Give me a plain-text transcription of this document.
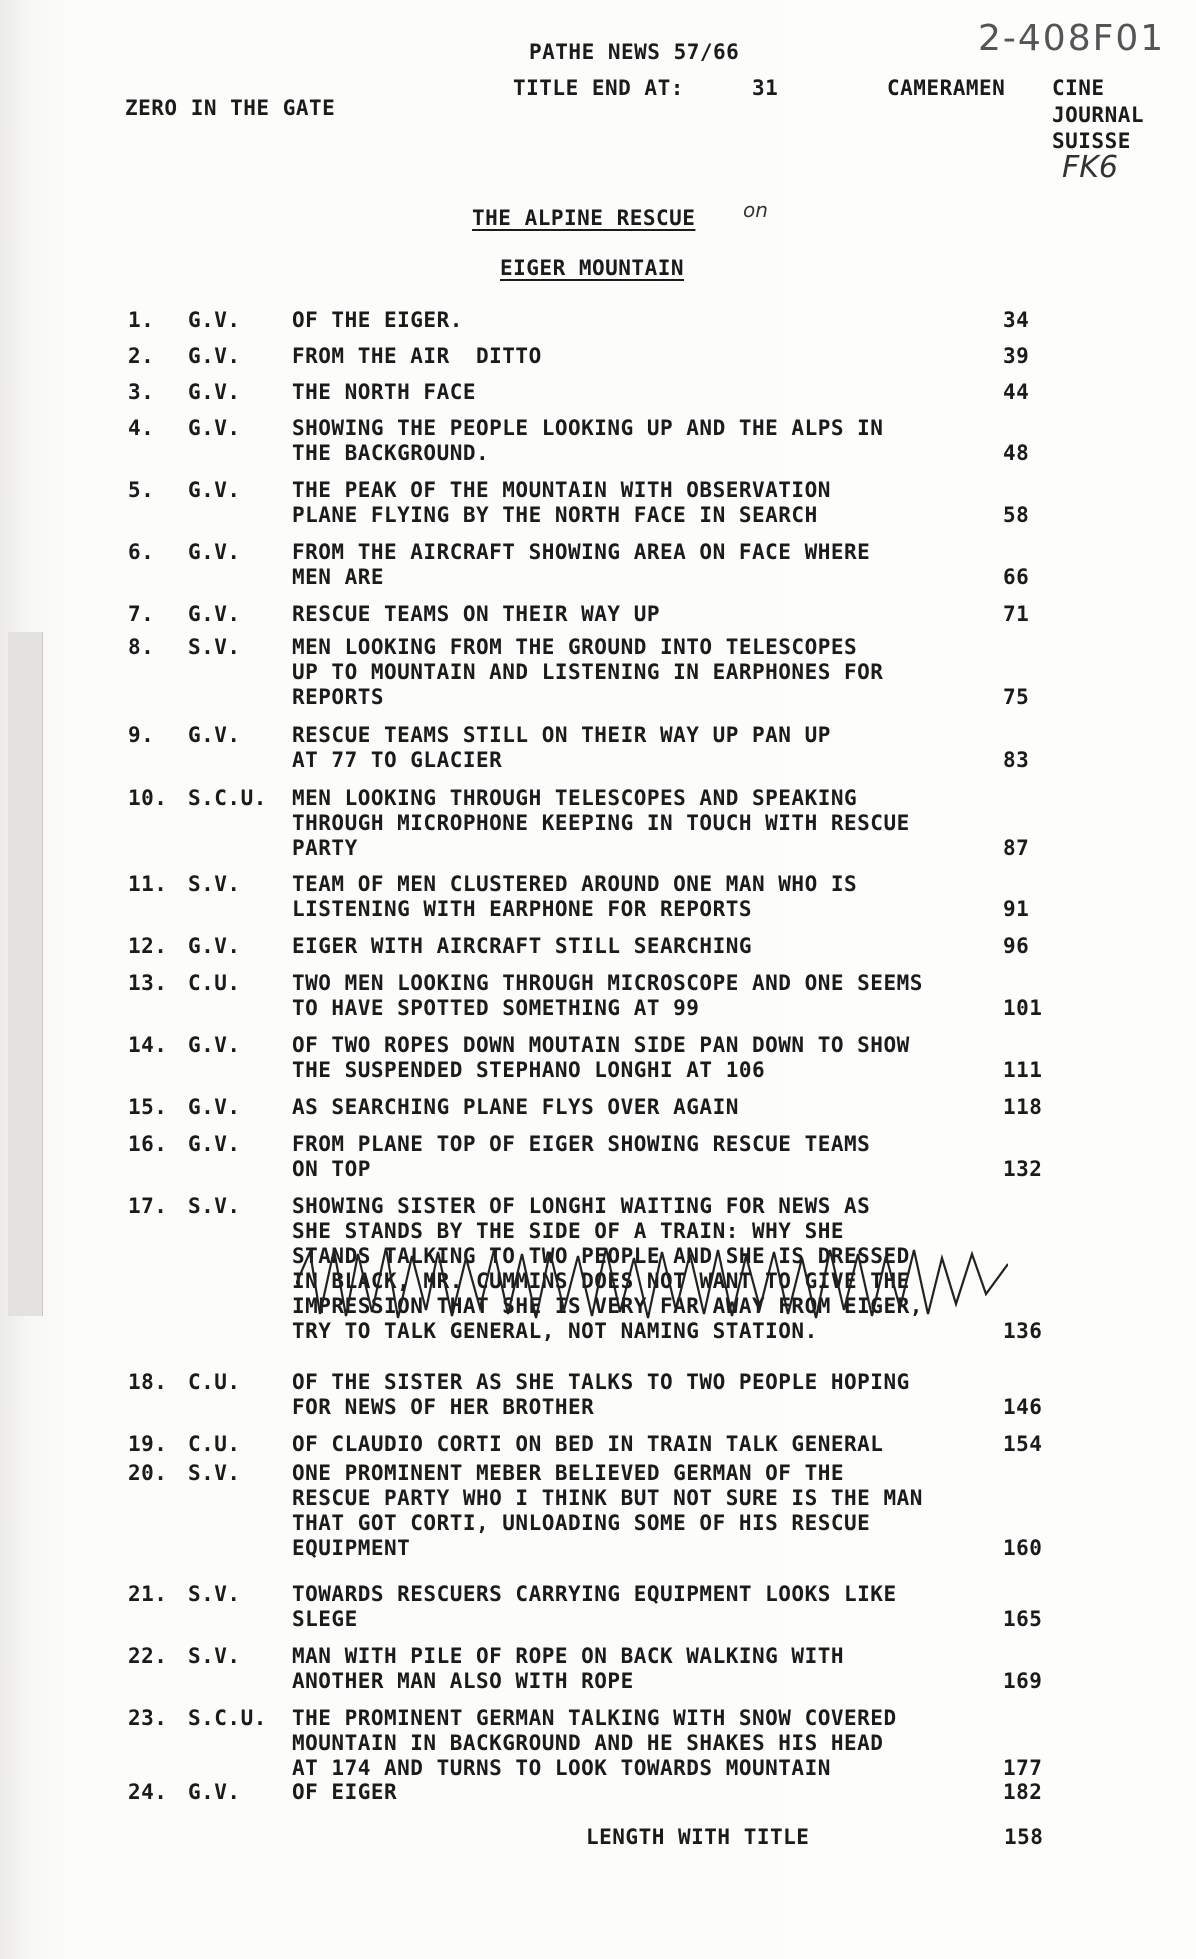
PATHE NEWS 57/66
TITLE END AT:	31
ZERO IN THE GATE
CAMERAMEN CINE
JOURNAL
SUISSE
2-408F01
FK6
THE ALPINE RESCUE on
EIGER MOUNTAIN
1. G.V. OF THE EIGER.	34
2. G.V. FROM THE AIR  DITTO	39
3. G.V. THE NORTH FACE	44
4. G.V. SHOWING THE PEOPLE LOOKING UP AND THE ALPS IN
THE BACKGROUND.	48
5. G.V. THE PEAK OF THE MOUNTAIN WITH OBSERVATION
PLANE FLYING BY THE NORTH FACE IN SEARCH	58
6. G.V. FROM THE AIRCRAFT SHOWING AREA ON FACE WHERE
MEN ARE	66
7. G.V. RESCUE TEAMS ON THEIR WAY UP	71
8. S.V. MEN LOOKING FROM THE GROUND INTO TELESCOPES
UP TO MOUNTAIN AND LISTENING IN EARPHONES FOR
REPORTS	75
9. G.V. RESCUE TEAMS STILL ON THEIR WAY UP PAN UP
AT 77 TO GLACIER	83
10. S.C.U. MEN LOOKING THROUGH TELESCOPES AND SPEAKING
THROUGH MICROPHONE KEEPING IN TOUCH WITH RESCUE
PARTY	87
11. S.V. TEAM OF MEN CLUSTERED AROUND ONE MAN WHO IS
LISTENING WITH EARPHONE FOR REPORTS	91
12. G.V. EIGER WITH AIRCRAFT STILL SEARCHING	96
13. C.U. TWO MEN LOOKING THROUGH MICROSCOPE AND ONE SEEMS
TO HAVE SPOTTED SOMETHING AT 99	101
14. G.V. OF TWO ROPES DOWN MOUTAIN SIDE PAN DOWN TO SHOW
THE SUSPENDED STEPHANO LONGHI AT 106	111
15. G.V. AS SEARCHING PLANE FLYS OVER AGAIN	118
16. G.V. FROM PLANE TOP OF EIGER SHOWING RESCUE TEAMS
ON TOP	132
17. S.V. SHOWING SISTER OF LONGHI WAITING FOR NEWS AS
SHE STANDS BY THE SIDE OF A TRAIN: WHY SHE
STANDS TALKING TO TWO PEOPLE AND SHE IS DRESSED
IN BLACK, MR. CUMMINS DOES NOT WANT TO GIVE THE
IMPRESSION THAT SHE IS VERY FAR AWAY FROM EIGER,
TRY TO TALK GENERAL, NOT NAMING STATION.	136
18. C.U. OF THE SISTER AS SHE TALKS TO TWO PEOPLE HOPING
FOR NEWS OF HER BROTHER	146
19. C.U. OF CLAUDIO CORTI ON BED IN TRAIN TALK GENERAL	154
20. S.V. ONE PROMINENT MEBER BELIEVED GERMAN OF THE
RESCUE PARTY WHO I THINK BUT NOT SURE IS THE MAN
THAT GOT CORTI, UNLOADING SOME OF HIS RESCUE
EQUIPMENT	160
21. S.V. TOWARDS RESCUERS CARRYING EQUIPMENT LOOKS LIKE
SLEGE	165
22. S.V. MAN WITH PILE OF ROPE ON BACK WALKING WITH
ANOTHER MAN ALSO WITH ROPE	169
23. S.C.U. THE PROMINENT GERMAN TALKING WITH SNOW COVERED
MOUNTAIN IN BACKGROUND AND HE SHAKES HIS HEAD
AT 174 AND TURNS TO LOOK TOWARDS MOUNTAIN	177
24. G.V. OF EIGER	182
LENGTH WITH TITLE	158
